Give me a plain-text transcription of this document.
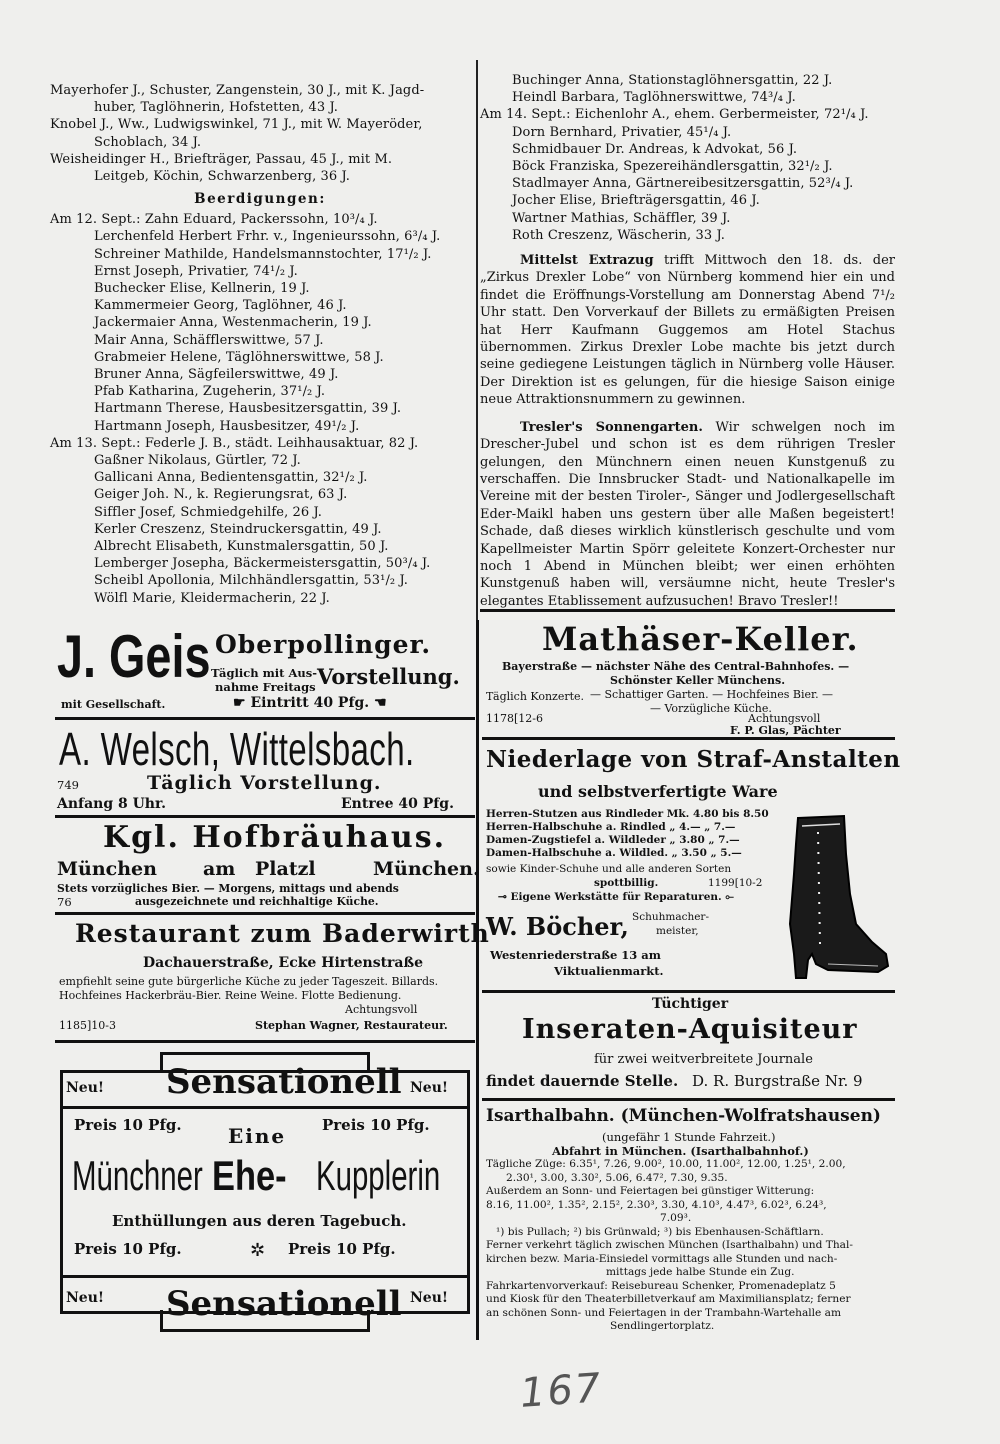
Mayerhofer J., Schuster, Zangenstein, 30 J., mit K. Jagd-
huber, Taglöhnerin, Hofstetten, 43 J.
Knobel J., Ww., Ludwigswinkel, 71 J., mit W. Mayeröder,
Schoblach, 34 J.
Weisheidinger H., Briefträger, Passau, 45 J., mit M.
Leitgeb, Köchin, Schwarzenberg, 36 J.
Beerdigungen:
Am 12. Sept.: Zahn Eduard, Packerssohn, 10³/₄ J.
Lerchenfeld Herbert Frhr. v., Ingenieurssohn, 6³/₄ J.
Schreiner Mathilde, Handelsmannstochter, 17¹/₂ J.
Ernst Joseph, Privatier, 74¹/₂ J.
Buchecker Elise, Kellnerin, 19 J.
Kammermeier Georg, Taglöhner, 46 J.
Jackermaier Anna, Westenmacherin, 19 J.
Mair Anna, Schäfflerswittwe, 57 J.
Grabmeier Helene, Täglöhnerswittwe, 58 J.
Bruner Anna, Sägfeilerswittwe, 49 J.
Pfab Katharina, Zugeherin, 37¹/₂ J.
Hartmann Therese, Hausbesitzersgattin, 39 J.
Hartmann Joseph, Hausbesitzer, 49¹/₂ J.
Am 13. Sept.: Federle J. B., städt. Leihhausaktuar, 82 J.
Gaßner Nikolaus, Gürtler, 72 J.
Gallicani Anna, Bedientensgattin, 32¹/₂ J.
Geiger Joh. N., k. Regierungsrat, 63 J.
Siffler Josef, Schmiedgehilfe, 26 J.
Kerler Creszenz, Steindruckersgattin, 49 J.
Albrecht Elisabeth, Kunstmalersgattin, 50 J.
Lemberger Josepha, Bäckermeistersgattin, 50³/₄ J.
Scheibl Apollonia, Milchhändlersgattin, 53¹/₂ J.
Wölfl Marie, Kleidermacherin, 22 J.
Buchinger Anna, Stationstaglöhnersgattin, 22 J.
Heindl Barbara, Taglöhnerswittwe, 74³/₄ J.
Am 14. Sept.: Eichenlohr A., ehem. Gerbermeister, 72¹/₄ J.
Dorn Bernhard, Privatier, 45¹/₄ J.
Schmidbauer Dr. Andreas, k Advokat, 56 J.
Böck Franziska, Spezereihändlersgattin, 32¹/₂ J.
Stadlmayer Anna, Gärtnereibesitzersgattin, 52³/₄ J.
Jocher Elise, Briefträgersgattin, 46 J.
Wartner Mathias, Schäffler, 39 J.
Roth Creszenz, Wäscherin, 33 J.
Mittelst Extrazug trifft Mittwoch den 18. ds. der „Zirkus Drexler Lobe“ von Nürnberg kommend hier ein und findet die Eröffnungs-Vorstellung am Donnerstag Abend 7¹/₂ Uhr statt. Den Vorverkauf der Billets zu ermäßigten Preisen hat Herr Kaufmann Guggemos am Hotel Stachus übernommen. Zirkus Drexler Lobe machte bis jetzt durch seine gediegene Leistungen täglich in Nürnberg volle Häuser. Der Direktion ist es gelungen, für die hiesige Saison einige neue Attraktionsnummern zu gewinnen.
Tresler's Sonnengarten. Wir schwelgen noch im Drescher-Jubel und schon ist es dem rührigen Tresler gelungen, den Münchnern einen neuen Kunstgenuß zu verschaffen. Die Innsbrucker Stadt- und Nationalkapelle im Vereine mit der besten Tiroler-, Sänger und Jodlergesellschaft Eder-Maikl haben uns gestern über alle Maßen begeistert! Schade, daß dieses wirklich künstlerisch geschulte und vom Kapellmeister Martin Spörr geleitete Konzert-Orchester nur noch 1 Abend in München bleibt; wer einen erhöhten Kunstgenuß haben will, versäumne nicht, heute Tresler's elegantes Etablissement aufzusuchen! Bravo Tresler!!
J. Geis
mit Gesellschaft.
Oberpollinger.
Täglich mit Aus-
nahme Freitags Vorstellung.
☛ Eintritt 40 Pfg. ☚
A. Welsch, Wittelsbach.
749	Täglich Vorstellung.
Anfang 8 Uhr.	Entree 40 Pfg.
Kgl. Hofbräuhaus.
München am Platzl	München.
Stets vorzügliches Bier. — Morgens, mittags und abends
76	ausgezeichnete und reichhaltige Küche.
Restaurant zum Baderwirth
Dachauerstraße, Ecke Hirtenstraße
empfiehlt seine gute bürgerliche Küche zu jeder Tageszeit. Billards.
Hochfeines Hackerbräu-Bier. Reine Weine. Flotte Bedienung.
Achtungsvoll
1185]10-3	Stephan Wagner, Restaurateur.
Neu! Sensationell Neu!
Preis 10 Pfg. Eine Preis 10 Pfg.
Münchner Ehe- Kupplerin
Enthüllungen aus deren Tagebuch.
Preis 10 Pfg.	✲ Preis 10 Pfg.
Neu! Sensationell Neu!
Mathäser-Keller.
Bayerstraße — nächster Nähe des Central-Bahnhofes. —
Schönster Keller Münchens.
Täglich Konzerte. — Schattiger Garten. — Hochfeines Bier. —
— Vorzügliche Küche.
1178[12-6	Achtungsvoll
F. P. Glas, Pächter
Niederlage von Straf-Anstalten
und selbstverfertigte Ware
Herren-Stutzen aus Rindleder Mk. 4.80 bis 8.50
Herren-Halbschuhe a. Rindled „ 4.— „ 7.—
Damen-Zugstiefel a. Wildleder „ 3.80 „ 7.—
Damen-Halbschuhe a. Wildled. „ 3.50 „ 5.—
sowie Kinder-Schuhe und alle anderen Sorten
spottbillig.	1199[10-2
⊸ Eigene Werkstätte für Reparaturen. ⟜
W. Böcher, Schuhmacher-
meister,
Westenriederstraße 13 am
Viktualienmarkt.
Tüchtiger
Inseraten-Aquisiteur
für zwei weitverbreitete Journale
findet dauernde Stelle. D. R. Burgstraße Nr. 9
Isarthalbahn. (München-Wolfratshausen)
(ungefähr 1 Stunde Fahrzeit.)
Abfahrt in München. (Isarthalbahnhof.)
Tägliche Züge: 6.35¹, 7.26, 9.00², 10.00, 11.00², 12.00, 1.25¹, 2.00,
2.30¹, 3.00, 3.30², 5.06, 6.47², 7.30, 9.35.
Außerdem an Sonn- und Feiertagen bei günstiger Witterung:
8.16, 11.00², 1.35², 2.15², 2.30³, 3.30, 4.10³, 4.47³, 6.02³, 6.24³,
7.09³.
¹) bis Pullach; ²) bis Grünwald; ³) bis Ebenhausen-Schäftlarn.
Ferner verkehrt täglich zwischen München (Isarthalbahn) und Thal-
kirchen bezw. Maria-Einsiedel vormittags alle Stunden und nach-
mittags jede halbe Stunde ein Zug.
Fahrkartenvorverkauf: Reisebureau Schenker, Promenadeplatz 5
und Kiosk für den Theaterbilletverkauf am Maximiliansplatz; ferner
an schönen Sonn- und Feiertagen in der Trambahn-Wartehalle am
Sendlingertorplatz.
167
